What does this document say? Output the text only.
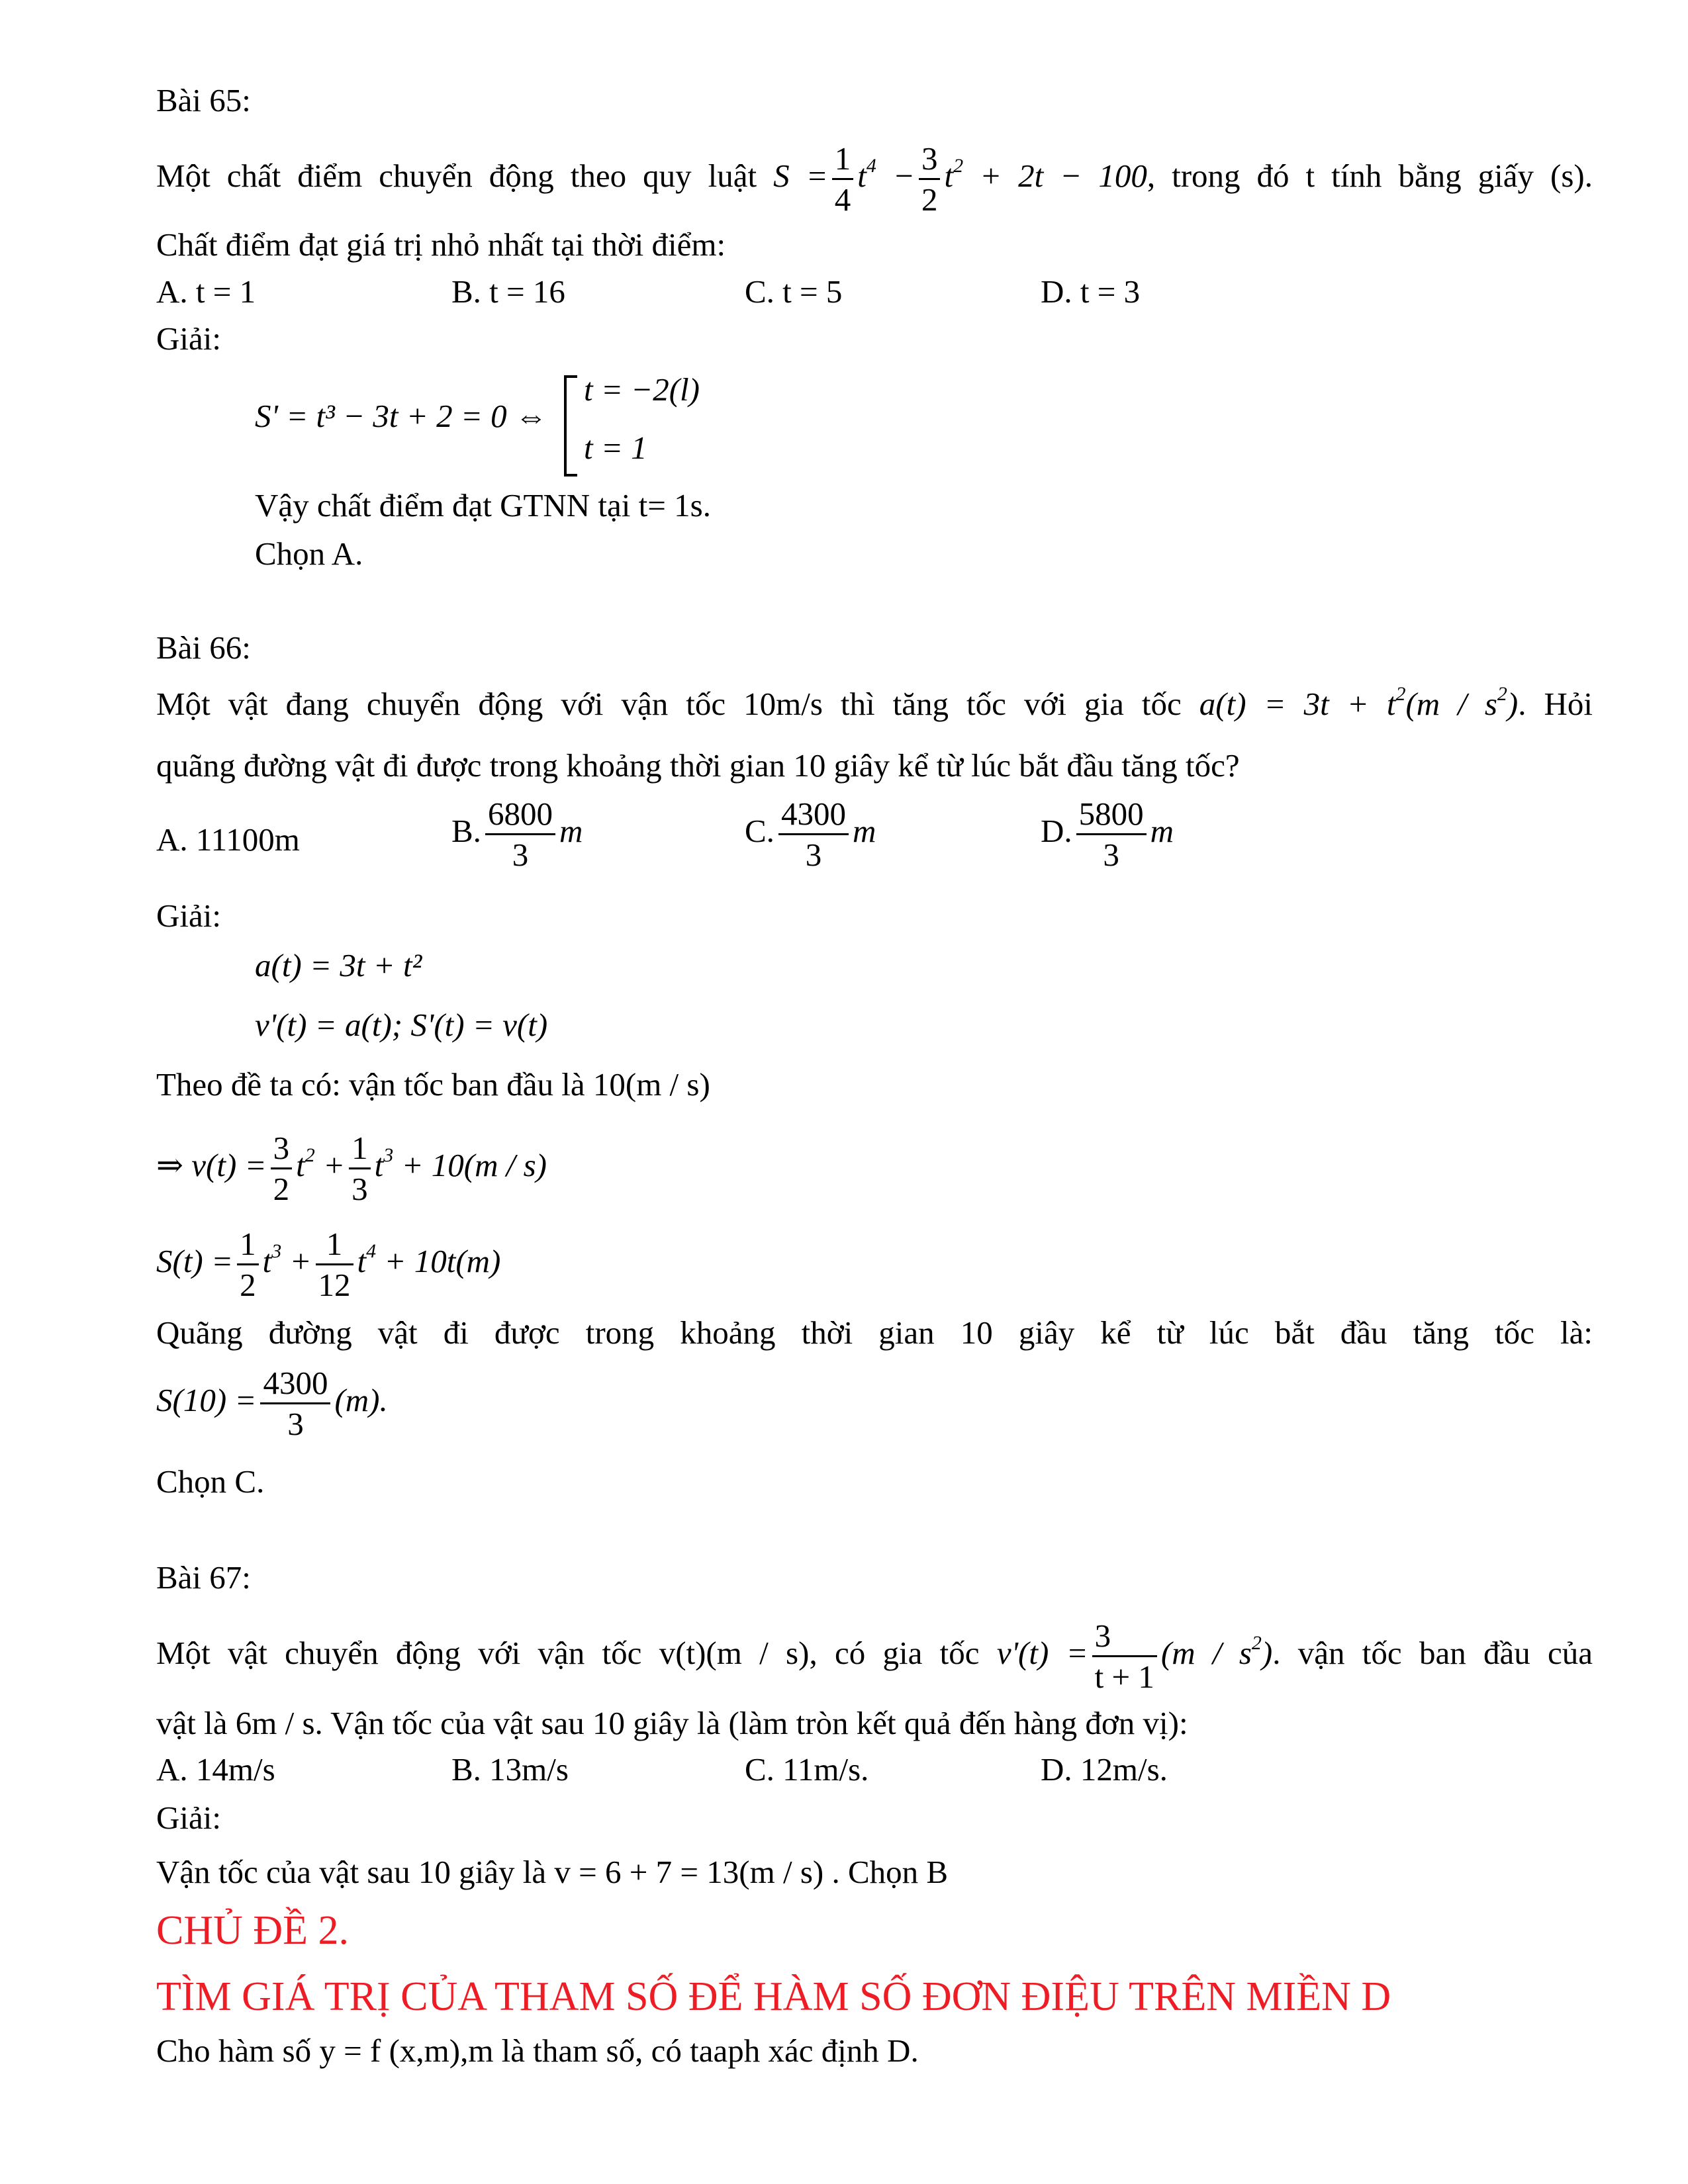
Bài 65:
Một chất điểm chuyển động theo quy luật $S = \frac{1}{4} t^4 - \frac{3}{2} t^2 + 2t - 100$, trong đó t tính bằng giấy (s).
Chất điểm đạt giá trị nhỏ nhất tại thời điểm:
A. t = 1	B. t = 16	C. t = 5	D. t = 3
Giải:
S' = t³ − 3t + 2 = 0 ⇔
t = −2(l)
t = 1
Vậy chất điểm đạt GTNN tại t= 1s.
Chọn A.
Bài 66:
Một vật đang chuyển động với vận tốc 10m/s thì tăng tốc với gia tốc $a(t) = 3t + t^2(m / s^2)$. Hỏi
quãng đường vật đi được trong khoảng thời gian 10 giây kể từ lúc bắt đầu tăng tốc?
A. 11100m	B. $\frac{6800}{3}$ m	C. $\frac{4300}{3}$ m	D. $\frac{5800}{3}$ m
Giải:
a(t) = 3t + t²
v'(t) = a(t); S'(t) = v(t)
Theo đề ta có: vận tốc ban đầu là 10(m / s)
⇒ $v(t) = \frac{3}{2} t^2 + \frac{1}{3} t^3 + 10(m / s)$
$S(t) = \frac{1}{2} t^3 + \frac{1}{12} t^4 + 10t(m)$
Quãng đường vật đi được trong khoảng thời gian 10 giây kể từ lúc bắt đầu tăng tốc là:
$S(10) = \frac{4300}{3} (m)$.
Chọn C.
Bài 67:
Một vật chuyển động với vận tốc v(t)(m / s), có gia tốc $v'(t) = \frac{3}{t + 1} (m / s^2)$. vận tốc ban đầu của
vật là 6m / s. Vận tốc của vật sau 10 giây là (làm tròn kết quả đến hàng đơn vị):
A. 14m/s	B. 13m/s	C. 11m/s.	D. 12m/s.
Giải:
Vận tốc của vật sau 10 giây là v = 6 + 7 = 13(m / s) . Chọn B
CHỦ ĐỀ 2.
TÌM GIÁ TRỊ CỦA THAM SỐ ĐỂ HÀM SỐ ĐƠN ĐIỆU TRÊN MIỀN D
Cho hàm số y = f (x,m),m là tham số, có taaph xác định D.
